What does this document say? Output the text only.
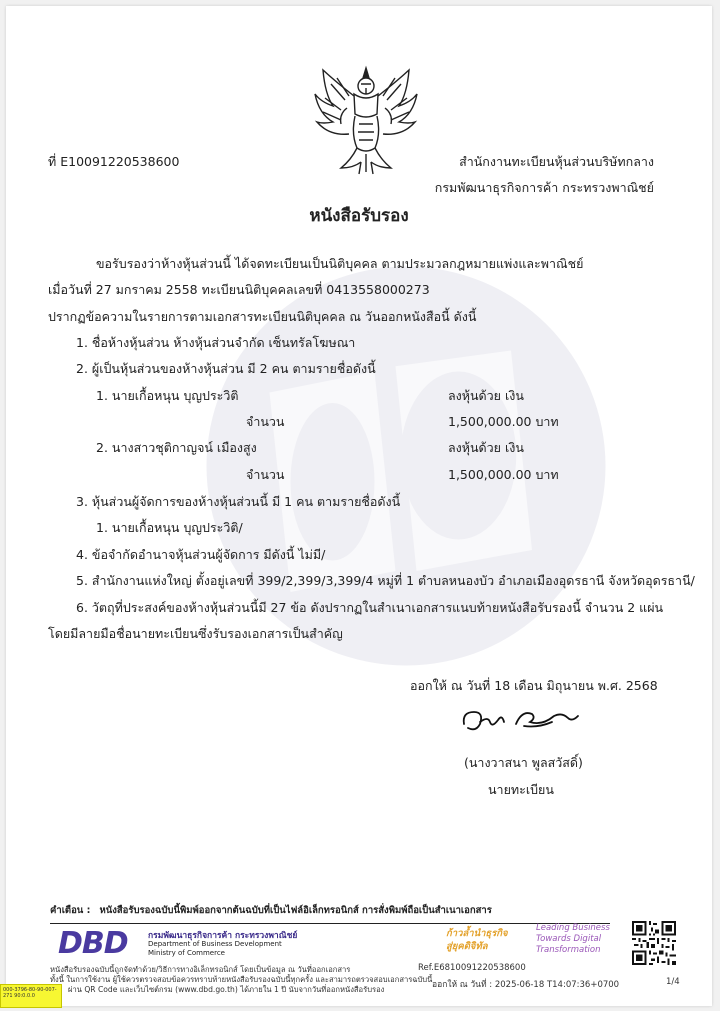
ที่ E10091220538600	สำนักงานทะเบียนหุ้นส่วนบริษัทกลาง
กรมพัฒนาธุรกิจการค้า กระทรวงพาณิชย์
หนังสือรับรอง
ขอรับรองว่าห้างหุ้นส่วนนี้ ได้จดทะเบียนเป็นนิติบุคคล ตามประมวลกฎหมายแพ่งและพาณิชย์
เมื่อวันที่ 27 มกราคม 2558 ทะเบียนนิติบุคคลเลขที่ 0413558000273
ปรากฏข้อความในรายการตามเอกสารทะเบียนนิติบุคคล ณ วันออกหนังสือนี้ ดังนี้
1. ชื่อห้างหุ้นส่วน ห้างหุ้นส่วนจำกัด เซ็นทรัลโฆษณา
2. ผู้เป็นหุ้นส่วนของห้างหุ้นส่วน มี 2 คน ตามรายชื่อดังนี้
1. นายเกื้อหนุน บุญประวิติ	ลงหุ้นด้วย เงิน
จำนวน	1,500,000.00 บาท
2. นางสาวชุติกาญจน์ เมืองสูง	ลงหุ้นด้วย เงิน
จำนวน	1,500,000.00 บาท
3. หุ้นส่วนผู้จัดการของห้างหุ้นส่วนนี้ มี 1 คน ตามรายชื่อดังนี้
1. นายเกื้อหนุน บุญประวิติ/
4. ข้อจำกัดอำนาจหุ้นส่วนผู้จัดการ มีดังนี้ ไม่มี/
5. สำนักงานแห่งใหญ่ ตั้งอยู่เลขที่ 399/2,399/3,399/4 หมู่ที่ 1 ตำบลหนองบัว อำเภอเมืองอุดรธานี จังหวัดอุดรธานี/
6. วัตถุที่ประสงค์ของห้างหุ้นส่วนนี้มี 27 ข้อ ดังปรากฏในสำเนาเอกสารแนบท้ายหนังสือรับรองนี้ จำนวน 2 แผ่น
โดยมีลายมือชื่อนายทะเบียนซึ่งรับรองเอกสารเป็นสำคัญ
ออกให้ ณ วันที่ 18 เดือน มิถุนายน พ.ศ. 2568
(นางวาสนา พูลสวัสดิ์)
นายทะเบียน
คำเตือน : หนังสือรับรองฉบับนี้พิมพ์ออกจากต้นฉบับที่เป็นไฟล์อิเล็กทรอนิกส์ การสั่งพิมพ์ถือเป็นสำเนาเอกสาร
DBD	กรมพัฒนาธุรกิจการค้า กระทรวงพาณิชย์
Department of Business Development
Ministry of Commerce
ก้าวล้ำนำธุรกิจ
สู่ยุคดิจิทัล
Leading Business
Towards Digital
Transformation
หนังสือรับรองฉบับนี้ถูกจัดทำด้วย/วิธีการทางอิเล็กทรอนิกส์ โดยเป็นข้อมูล ณ วันที่ออกเอกสาร
ทั้งนี้ ในการใช้งาน ผู้ใช้ควรตรวจสอบข้อควรทราบท้ายหนังสือรับรองฉบับนี้ทุกครั้ง และสามารถตรวจสอบเอกสารฉบับนี้
ผ่าน QR Code และเว็บไซต์กรม (www.dbd.go.th) ได้ภายใน 1 ปี นับจากวันที่ออกหนังสือรับรอง
Ref.E6810091220538600
ออกให้ ณ วันที่ : 2025-06-18 T14:07:36+0700	1/4
000-3796-80-90-007-271 90:0.0.0
